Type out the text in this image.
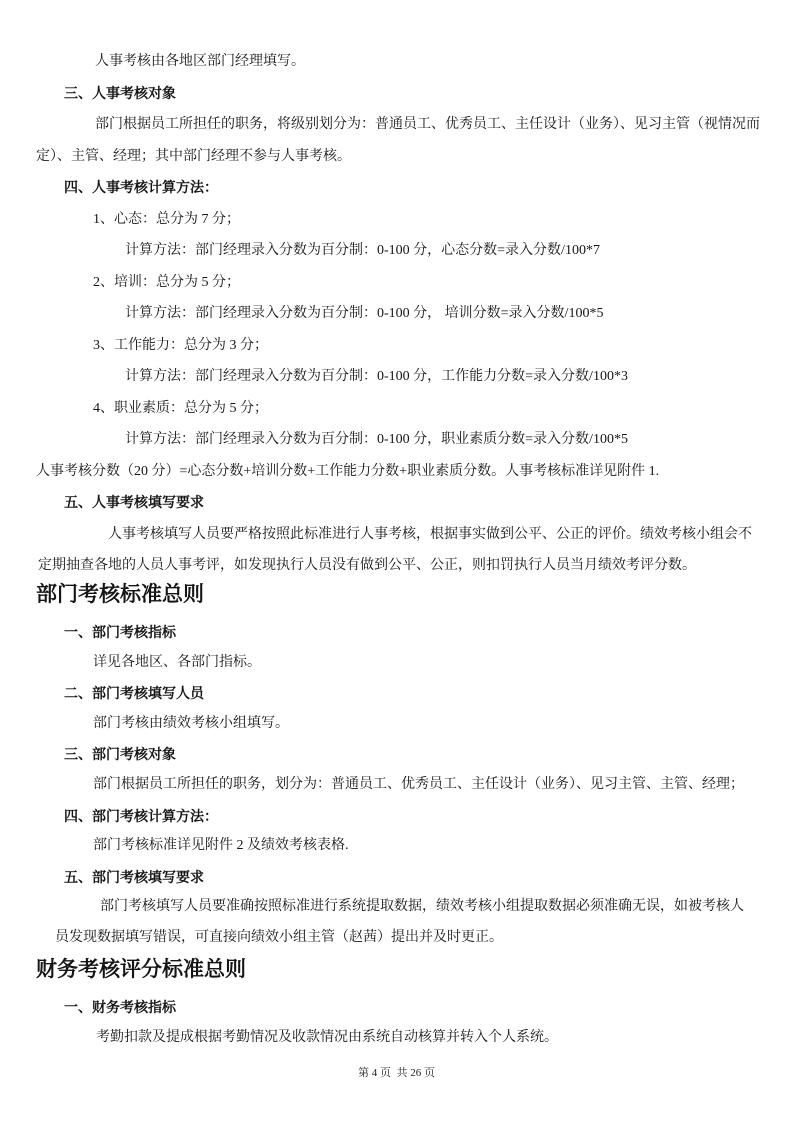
人事考核由各地区部门经理填写。
三、人事考核对象
部门根据员工所担任的职务，将级别划分为：普通员工、优秀员工、主任设计（业务）、见习主管（视情况而
定）、主管、经理；其中部门经理不参与人事考核。
四、人事考核计算方法：
1、心态：总分为 7 分；
计算方法：部门经理录入分数为百分制：0-100 分，心态分数=录入分数/100*7
2、培训：总分为 5 分；
计算方法：部门经理录入分数为百分制：0-100 分， 培训分数=录入分数/100*5
3、工作能力：总分为 3 分；
计算方法：部门经理录入分数为百分制：0-100 分，工作能力分数=录入分数/100*3
4、职业素质：总分为 5 分；
计算方法：部门经理录入分数为百分制：0-100 分，职业素质分数=录入分数/100*5
人事考核分数（20 分）=心态分数+培训分数+工作能力分数+职业素质分数。人事考核标准详见附件 1.
五、人事考核填写要求
人事考核填写人员要严格按照此标准进行人事考核，根据事实做到公平、公正的评价。绩效考核小组会不
定期抽查各地的人员人事考评，如发现执行人员没有做到公平、公正，则扣罚执行人员当月绩效考评分数。
部门考核标准总则
一、部门考核指标
详见各地区、各部门指标。
二、部门考核填写人员
部门考核由绩效考核小组填写。
三、部门考核对象
部门根据员工所担任的职务，划分为：普通员工、优秀员工、主任设计（业务）、见习主管、主管、经理；
四、部门考核计算方法：
部门考核标准详见附件 2 及绩效考核表格.
五、部门考核填写要求
部门考核填写人员要准确按照标准进行系统提取数据，绩效考核小组提取数据必须准确无误，如被考核人
员发现数据填写错误，可直接向绩效小组主管（赵茜）提出并及时更正。
财务考核评分标准总则
一、财务考核指标
考勤扣款及提成根据考勤情况及收款情况由系统自动核算并转入个人系统。
第 4 页  共 26 页
